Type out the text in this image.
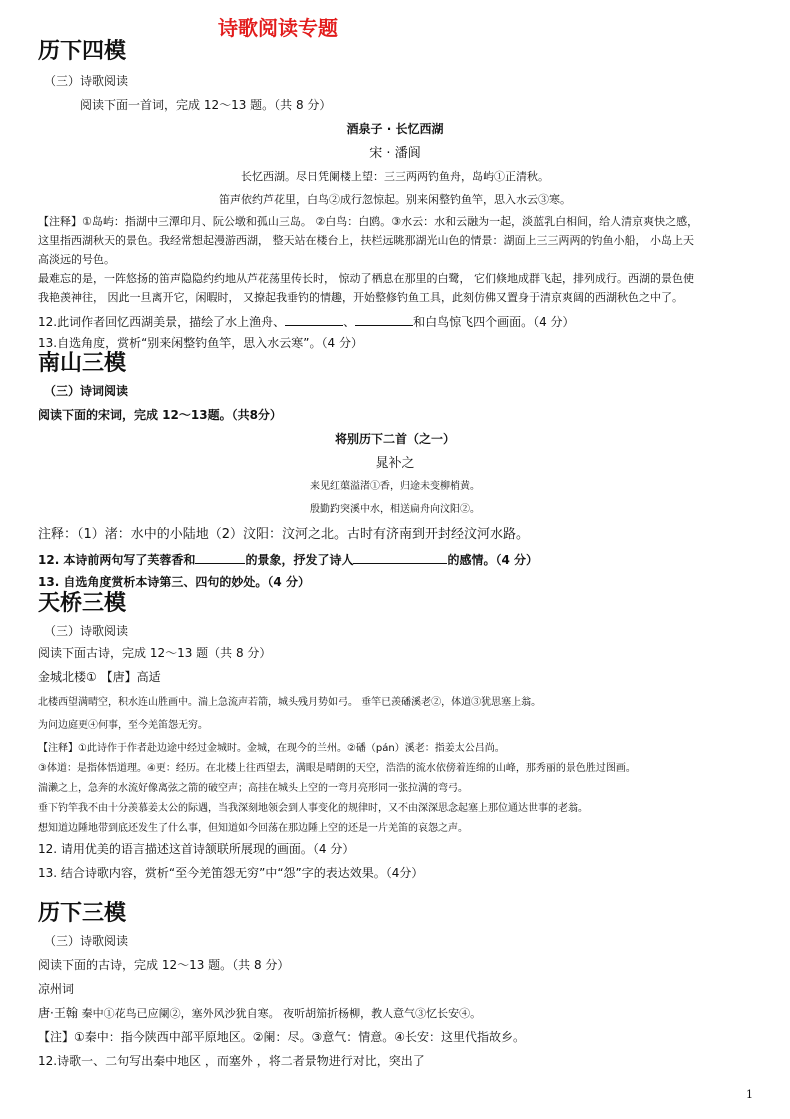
诗歌阅读专题
历下四模
（三）诗歌阅读
阅读下面一首词，完成 12～13 题。（共 8 分）
酒泉子 · 长忆西湖
宋 · 潘阆
长忆西湖。尽日凭阑楼上望：三三两两钓鱼舟，岛屿①正清秋。
笛声依约芦花里，白鸟②成行忽惊起。别来闲整钓鱼竿，思入水云③寒。
【注释】①岛屿：指湖中三潭印月、阮公墩和孤山三岛。 ②白鸟：白鸥。③水云：水和云融为一起，淡蓝乳白相间，给人清京爽快之感，
这里指西湖秋天的景色。我经常想起漫游西湖， 整天站在楼台上，扶栏远眺那湖光山色的情景：湖面上三三两两的钓鱼小船， 小岛上天
高淡远的号色。
最难忘的是，一阵悠扬的笛声隐隐约约地从芦花荡里传长时， 惊动了栖息在那里的白鹭， 它们倏地成群飞起，排列成行。西湖的景色使
我艳羡神往， 因此一旦离开它，闲暇时， 又撩起我垂钓的情趣，开始整修钓鱼工具，此刻仿佛又置身于清京爽阔的西湖秋色之中了。
12.此词作者回忆西湖美景，描绘了水上渔舟、	、	和白鸟惊飞四个画面。（4 分）
13.自选角度，赏析“别来闲整钓鱼竿，思入水云寒”。（4 分）
南山三模
（三）诗词阅读
阅读下面的宋词，完成 12～13题。（共8分）
将别历下二首（之一）
晁补之
来见红蕖溢渚①香，归途未变柳梢黄。
殷勤趵突溪中水，相送扁舟向汶阳②。
注释：（1）渚：水中的小陆地（2）汶阳：汶河之北。古时有济南到开封经汶河水路。
12. 本诗前两句写了芙蓉香和	的景象，抒发了诗人	的感情。（4 分）
13. 自选角度赏析本诗第三、四句的妙处。（4 分）
天桥三模
（三）诗歌阅读
阅读下面古诗，完成 12～13 题（共 8 分）
金城北楼① 【唐】高适
北楼西望满晴空，积水连山胜画中。湍上急流声若箭，城头残月势如弓。 垂竿已羡磻溪老②，体道③犹思塞上翁。
为问边庭更④何事，至今羌笛怨无穷。
【注释】①此诗作于作者赴边途中经过金城时。金城，在现今的兰州。②磻（pán）溪老：指姜太公吕尚。
③体道：是指体悟道理。④更：经历。在北楼上往西望去，满眼是晴朗的天空，浩浩的流水依傍着连绵的山峰，那秀丽的景色胜过图画。
湍濑之上，急奔的水流好像离弦之箭的破空声；高挂在城头上空的一弯月亮形同一张拉满的弯弓。
垂下钓竿我不由十分羡慕姜太公的际遇，当我深刻地领会到人事变化的规律时，又不由深深思念起塞上那位通达世事的老翁。
想知道边陲地带到底还发生了什么事，但知道如今回荡在那边陲上空的还是一片羌笛的哀怨之声。
12. 请用优美的语言描述这首诗颔联所展现的画面。（4 分）
13. 结合诗歌内容，赏析“至今羌笛怨无穷”中“怨”字的表达效果。（4分）
历下三模
（三）诗歌阅读
阅读下面的古诗，完成 12～13 题。（共 8 分）
凉州词
唐·王翰 秦中①花鸟已应阑②，塞外风沙犹自寒。 夜听胡笳折杨柳，教人意气③忆长安④。
【注】①秦中：指今陕西中部平原地区。②阑：尽。③意气：情意。④长安：这里代指故乡。
12.诗歌一、二句写出秦中地区 ，而塞外 ，将二者景物进行对比，突出了
1
